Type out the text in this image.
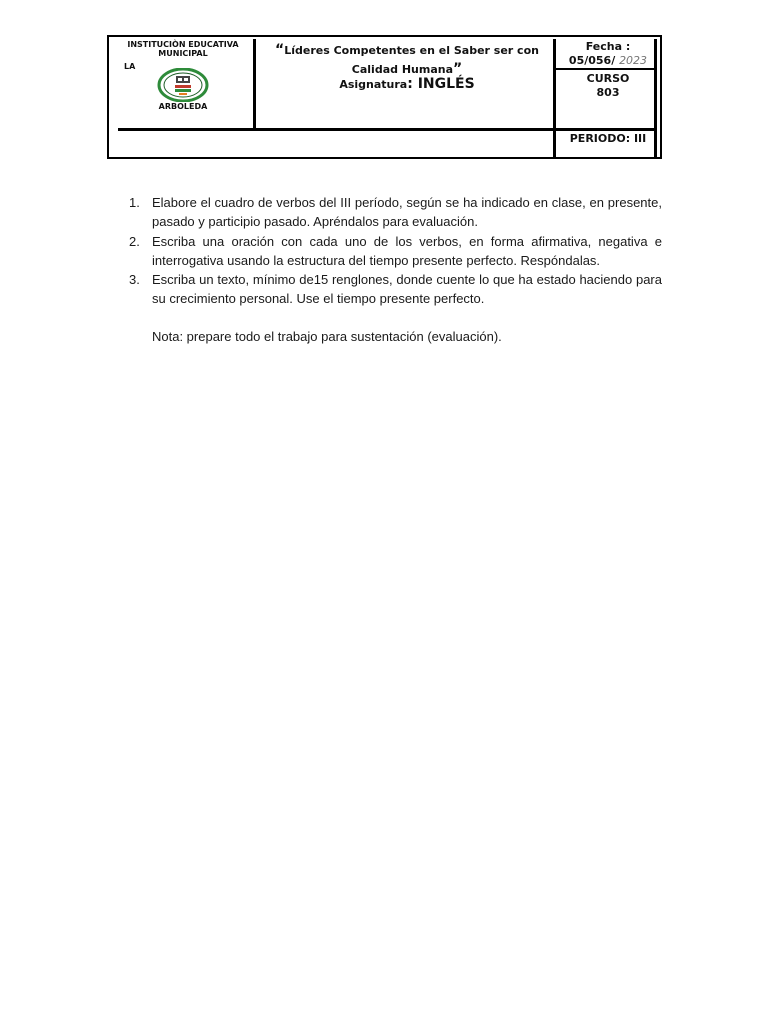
INSTITUCIÒN EDUCATIVA MUNICIPAL
LA
ARBOLEDA
“Líderes Competentes en el Saber ser con Calidad Humana”
Asignatura: INGLÉS
Fecha :
05/056/ 2023
CURSO
803
PERIODO: III
1. Elabore el cuadro de verbos del III período, según se ha indicado en clase, en presente, pasado y participio pasado. Apréndalos para evaluación.
2. Escriba una oración con cada uno de los verbos, en forma afirmativa, negativa e interrogativa usando la estructura del tiempo presente perfecto. Respóndalas.
3. Escriba un texto, mínimo de15 renglones, donde cuente lo que ha estado haciendo para su crecimiento personal. Use el tiempo presente perfecto.
Nota: prepare todo el trabajo para sustentación (evaluación).
